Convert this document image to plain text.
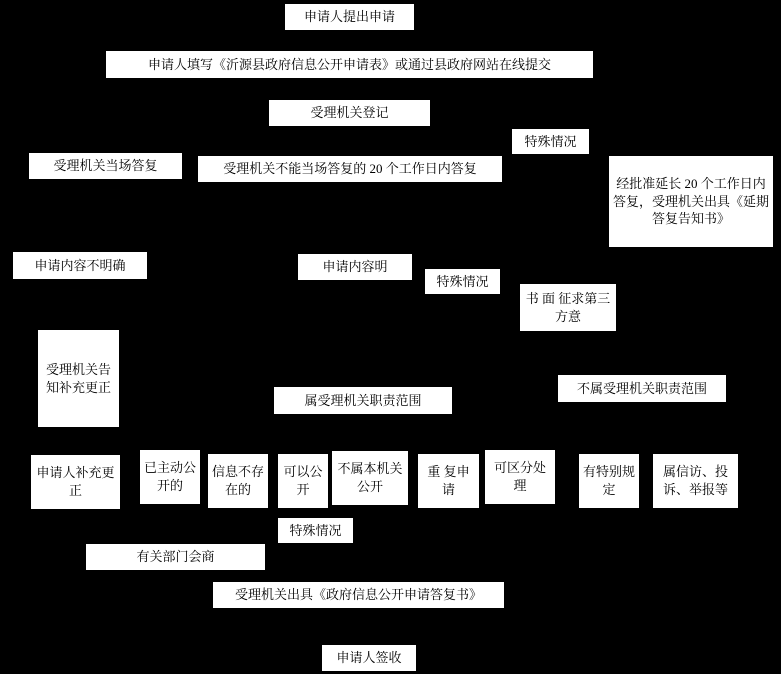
申请人提出申请
申请人填写《沂源县政府信息公开申请表》或通过县政府网站在线提交
受理机关登记
特殊情况
受理机关当场答复	受理机关不能当场答复的 20 个工作日内答复
经批准延长 20 个工作日内答复，受理机关出具《延期答复告知书》
申请内容不明确	申请内容明
特殊情况
书 面 征求第三方意
受理机关告知补充更正
属受理机关职责范围
不属受理机关职责范围
申请人补充更正
已主动公开的
信息不存在的
可以公开
不属本机关公开
重 复申请
可区分处理
有特别规定
属信访、投诉、举报等
特殊情况
有关部门会商
受理机关出具《政府信息公开申请答复书》
申请人签收
